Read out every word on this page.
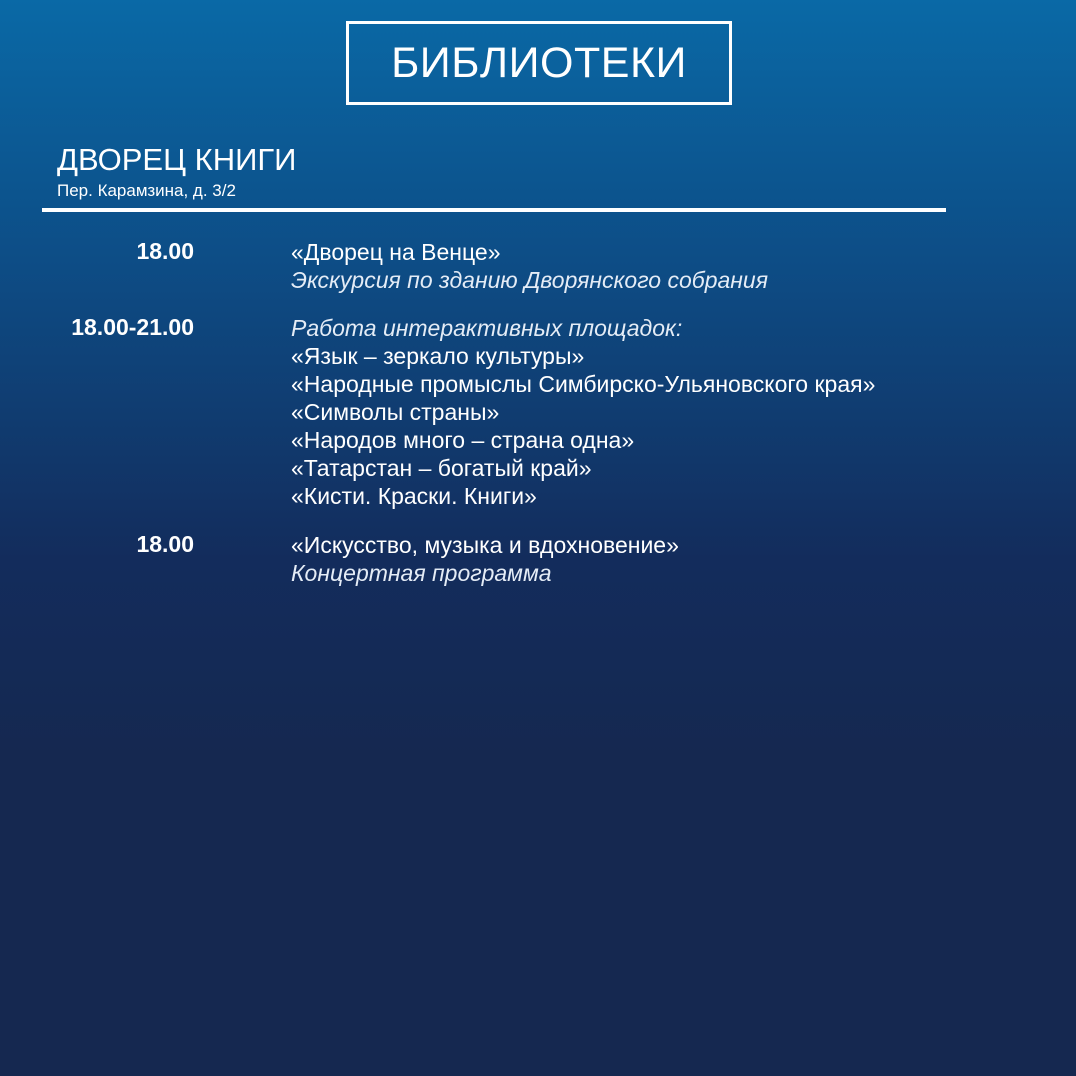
БИБЛИОТЕКИ
ДВОРЕЦ КНИГИ
Пер. Карамзина, д. 3/2
18.00	«Дворец на Венце»
Экскурсия по зданию Дворянского собрания
18.00-21.00	Работа интерактивных площадок:
«Язык – зеркало культуры»
«Народные промыслы Симбирско-Ульяновского края»
«Символы страны»
«Народов много – страна одна»
«Татарстан – богатый край»
«Кисти. Краски. Книги»
18.00	«Искусство, музыка и вдохновение»
Концертная программа
